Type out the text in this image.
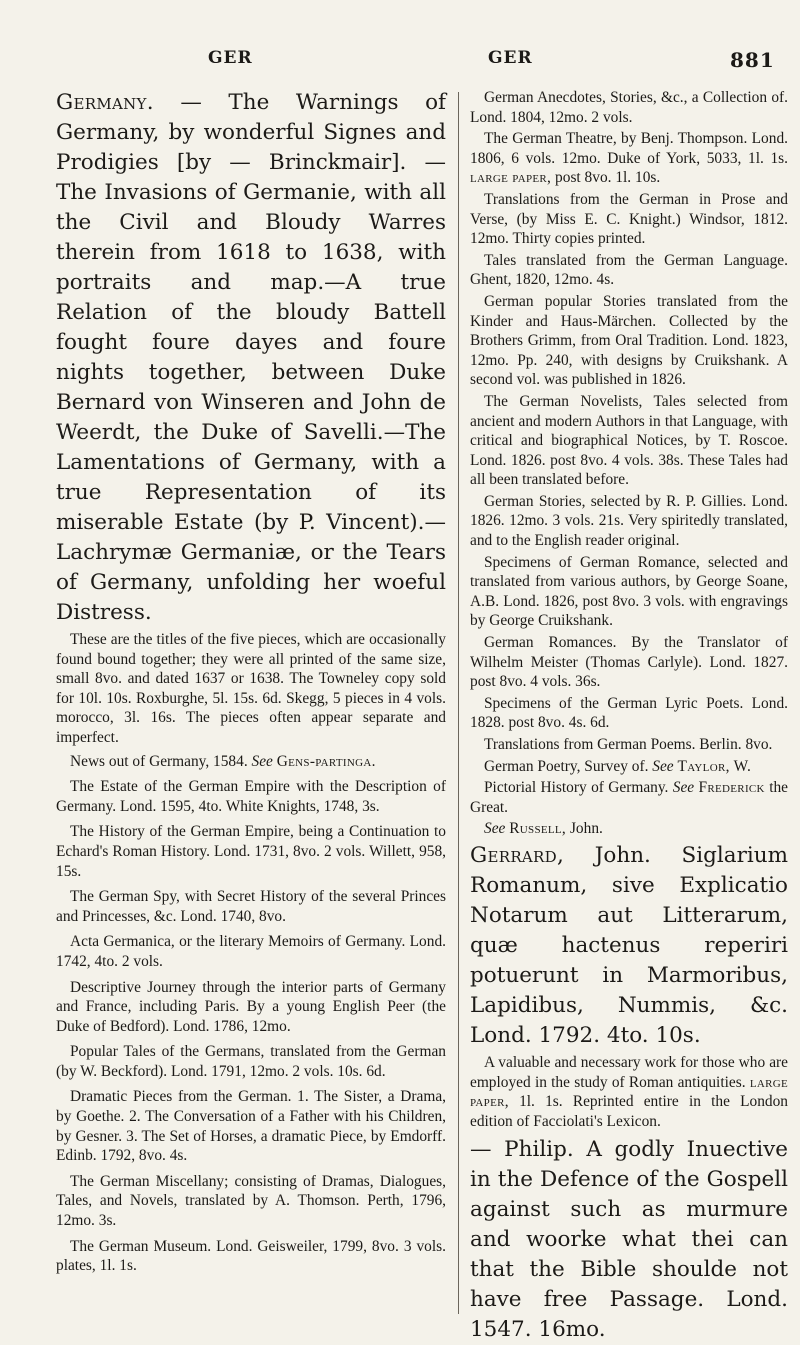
GER	GER	881

Germany. — The Warnings of Germany, by wonderful Signes and Prodigies [by — Brinckmair]. — The Invasions of Germanie, with all the Civil and Bloudy Warres therein from 1618 to 1638, with portraits and map.—A true Relation of the bloudy Battell fought foure dayes and foure nights together, between Duke Bernard von Winseren and John de Weerdt, the Duke of Savelli.—The Lamentations of Germany, with a true Representation of its miserable Estate (by P. Vincent).—Lachrymæ Germaniæ, or the Tears of Germany, unfolding her woeful Distress.

These are the titles of the five pieces, which are occasionally found bound together; they were all printed of the same size, small 8vo. and dated 1637 or 1638. The Towneley copy sold for 10l. 10s. Roxburghe, 5l. 15s. 6d. Skegg, 5 pieces in 4 vols. morocco, 3l. 16s. The pieces often appear separate and imperfect.

News out of Germany, 1584. See Gens-partinga.

The Estate of the German Empire with the Description of Germany. Lond. 1595, 4to. White Knights, 1748, 3s.

The History of the German Empire, being a Continuation to Echard's Roman History. Lond. 1731, 8vo. 2 vols. Willett, 958, 15s.

The German Spy, with Secret History of the several Princes and Princesses, &c. Lond. 1740, 8vo.

Acta Germanica, or the literary Memoirs of Germany. Lond. 1742, 4to. 2 vols.

Descriptive Journey through the interior parts of Germany and France, including Paris. By a young English Peer (the Duke of Bedford). Lond. 1786, 12mo.

Popular Tales of the Germans, translated from the German (by W. Beckford). Lond. 1791, 12mo. 2 vols. 10s. 6d.

Dramatic Pieces from the German. 1. The Sister, a Drama, by Goethe. 2. The Conversation of a Father with his Children, by Gesner. 3. The Set of Horses, a dramatic Piece, by Emdorff. Edinb. 1792, 8vo. 4s.

The German Miscellany; consisting of Dramas, Dialogues, Tales, and Novels, translated by A. Thomson. Perth, 1796, 12mo. 3s.

The German Museum. Lond. Geisweiler, 1799, 8vo. 3 vols. plates, 1l. 1s.

German Anecdotes, Stories, &c., a Collection of. Lond. 1804, 12mo. 2 vols.

The German Theatre, by Benj. Thompson. Lond. 1806, 6 vols. 12mo. Duke of York, 5033, 1l. 1s. large paper, post 8vo. 1l. 10s.

Translations from the German in Prose and Verse, (by Miss E. C. Knight.) Windsor, 1812. 12mo. Thirty copies printed.

Tales translated from the German Language. Ghent, 1820, 12mo. 4s.

German popular Stories translated from the Kinder and Haus-Märchen. Collected by the Brothers Grimm, from Oral Tradition. Lond. 1823, 12mo. Pp. 240, with designs by Cruikshank. A second vol. was published in 1826.

The German Novelists, Tales selected from ancient and modern Authors in that Language, with critical and biographical Notices, by T. Roscoe. Lond. 1826. post 8vo. 4 vols. 38s. These Tales had all been translated before.

German Stories, selected by R. P. Gillies. Lond. 1826. 12mo. 3 vols. 21s. Very spiritedly translated, and to the English reader original.

Specimens of German Romance, selected and translated from various authors, by George Soane, A.B. Lond. 1826, post 8vo. 3 vols. with engravings by George Cruikshank.

German Romances. By the Translator of Wilhelm Meister (Thomas Carlyle). Lond. 1827. post 8vo. 4 vols. 36s.

Specimens of the German Lyric Poets. Lond. 1828. post 8vo. 4s. 6d.

Translations from German Poems. Berlin. 8vo.

German Poetry, Survey of. See Taylor, W.

Pictorial History of Germany. See Frederick the Great.

See Russell, John.

Gerrard, John. Siglarium Romanum, sive Explicatio Notarum aut Litterarum, quæ hactenus reperiri potuerunt in Marmoribus, Lapidibus, Nummis, &c. Lond. 1792. 4to. 10s.

A valuable and necessary work for those who are employed in the study of Roman antiquities. large paper, 1l. 1s. Reprinted entire in the London edition of Facciolati's Lexicon.

— Philip. A godly Inuective in the Defence of the Gospell against such as murmure and woorke what thei can that the Bible shoulde not have free Passage. Lond. 1547. 16mo.
